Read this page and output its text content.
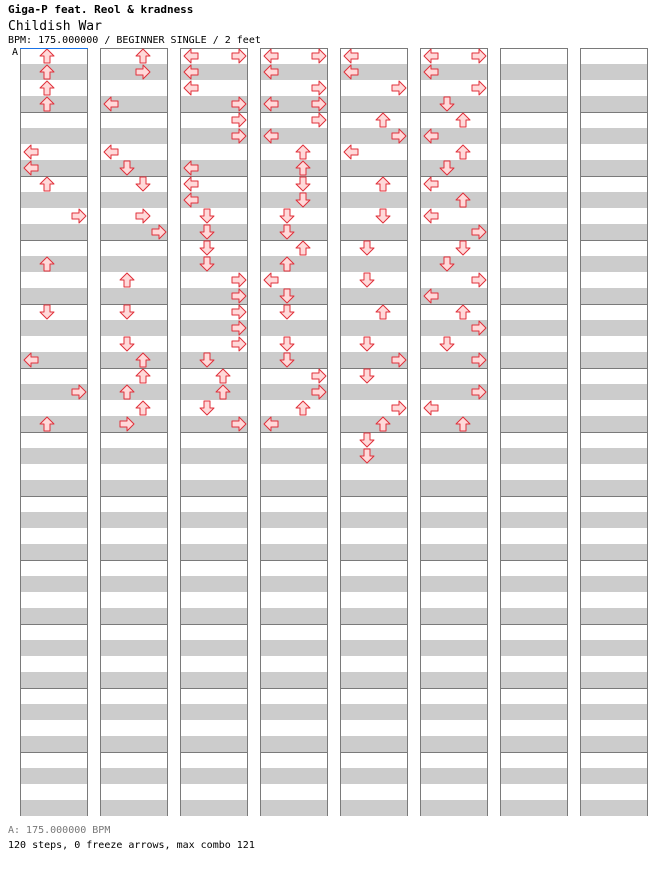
Giga-P feat. Reol & kradness
Childish War
BPM: 175.000000 / BEGINNER SINGLE / 2 feet
A
A: 175.000000 BPM
120 steps, 0 freeze arrows, max combo 121
